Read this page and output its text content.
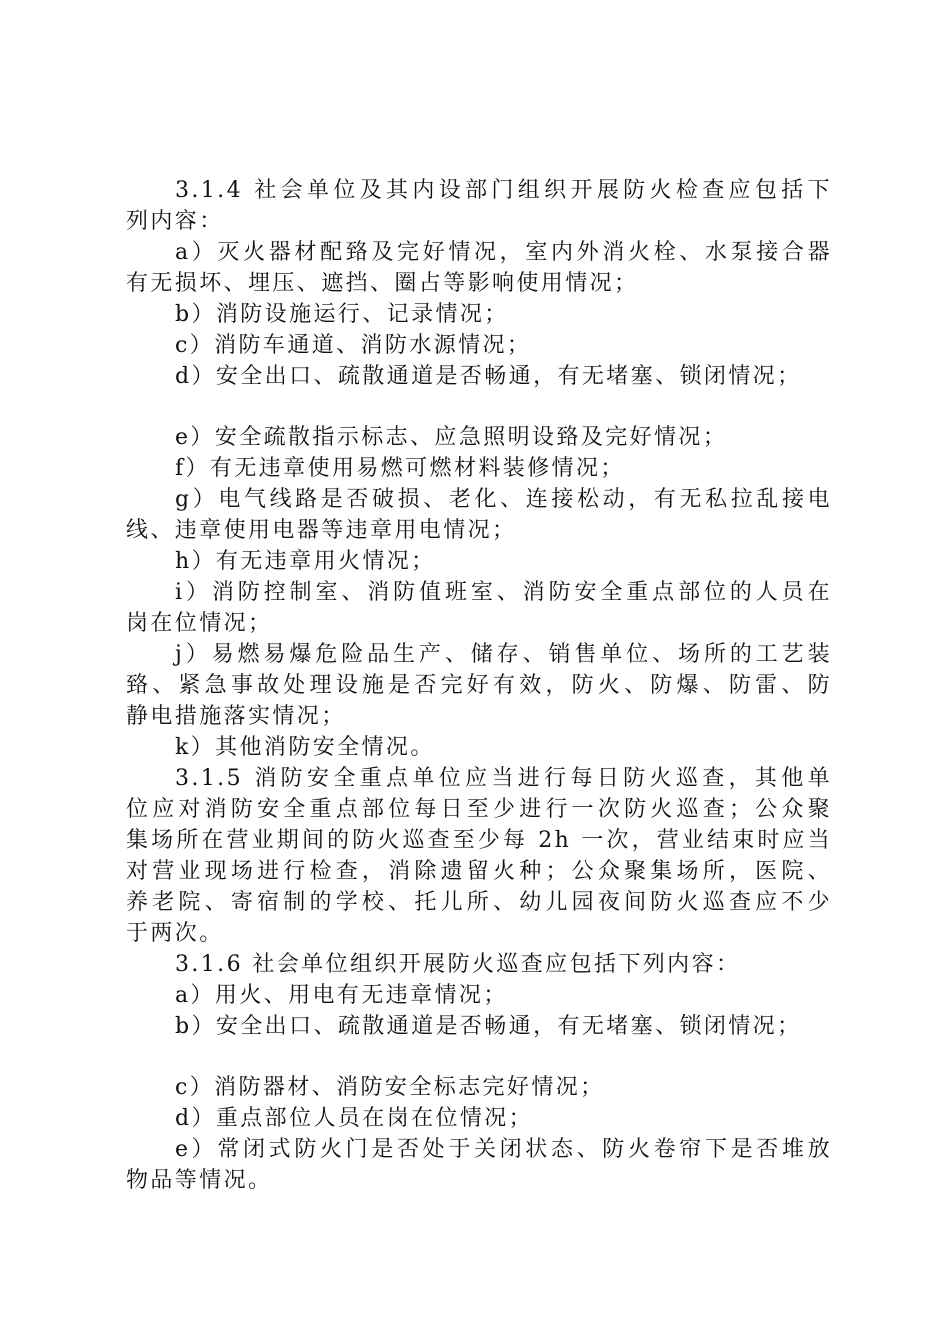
3.1.4 社会单位及其内设部门组织开展防火检查应包括下
列内容：
a）灭火器材配臵及完好情况，室内外消火栓、水泵接合器
有无损坏、埋压、遮挡、圈占等影响使用情况；
b）消防设施运行、记录情况；
c）消防车通道、消防水源情况；
d）安全出口、疏散通道是否畅通，有无堵塞、锁闭情况；
e）安全疏散指示标志、应急照明设臵及完好情况；
f）有无违章使用易燃可燃材料装修情况；
g）电气线路是否破损、老化、连接松动，有无私拉乱接电
线、违章使用电器等违章用电情况；
h）有无违章用火情况；
i）消防控制室、消防值班室、消防安全重点部位的人员在
岗在位情况；
j）易燃易爆危险品生产、储存、销售单位、场所的工艺装
臵、紧急事故处理设施是否完好有效，防火、防爆、防雷、防
静电措施落实情况；
k）其他消防安全情况。
3.1.5 消防安全重点单位应当进行每日防火巡查，其他单
位应对消防安全重点部位每日至少进行一次防火巡查；公众聚
集场所在营业期间的防火巡查至少每 2h 一次，营业结束时应当
对营业现场进行检查，消除遗留火种；公众聚集场所，医院、
养老院、寄宿制的学校、托儿所、幼儿园夜间防火巡查应不少
于两次。
3.1.6 社会单位组织开展防火巡查应包括下列内容：
a）用火、用电有无违章情况；
b）安全出口、疏散通道是否畅通，有无堵塞、锁闭情况；
c）消防器材、消防安全标志完好情况；
d）重点部位人员在岗在位情况；
e）常闭式防火门是否处于关闭状态、防火卷帘下是否堆放
物品等情况。
